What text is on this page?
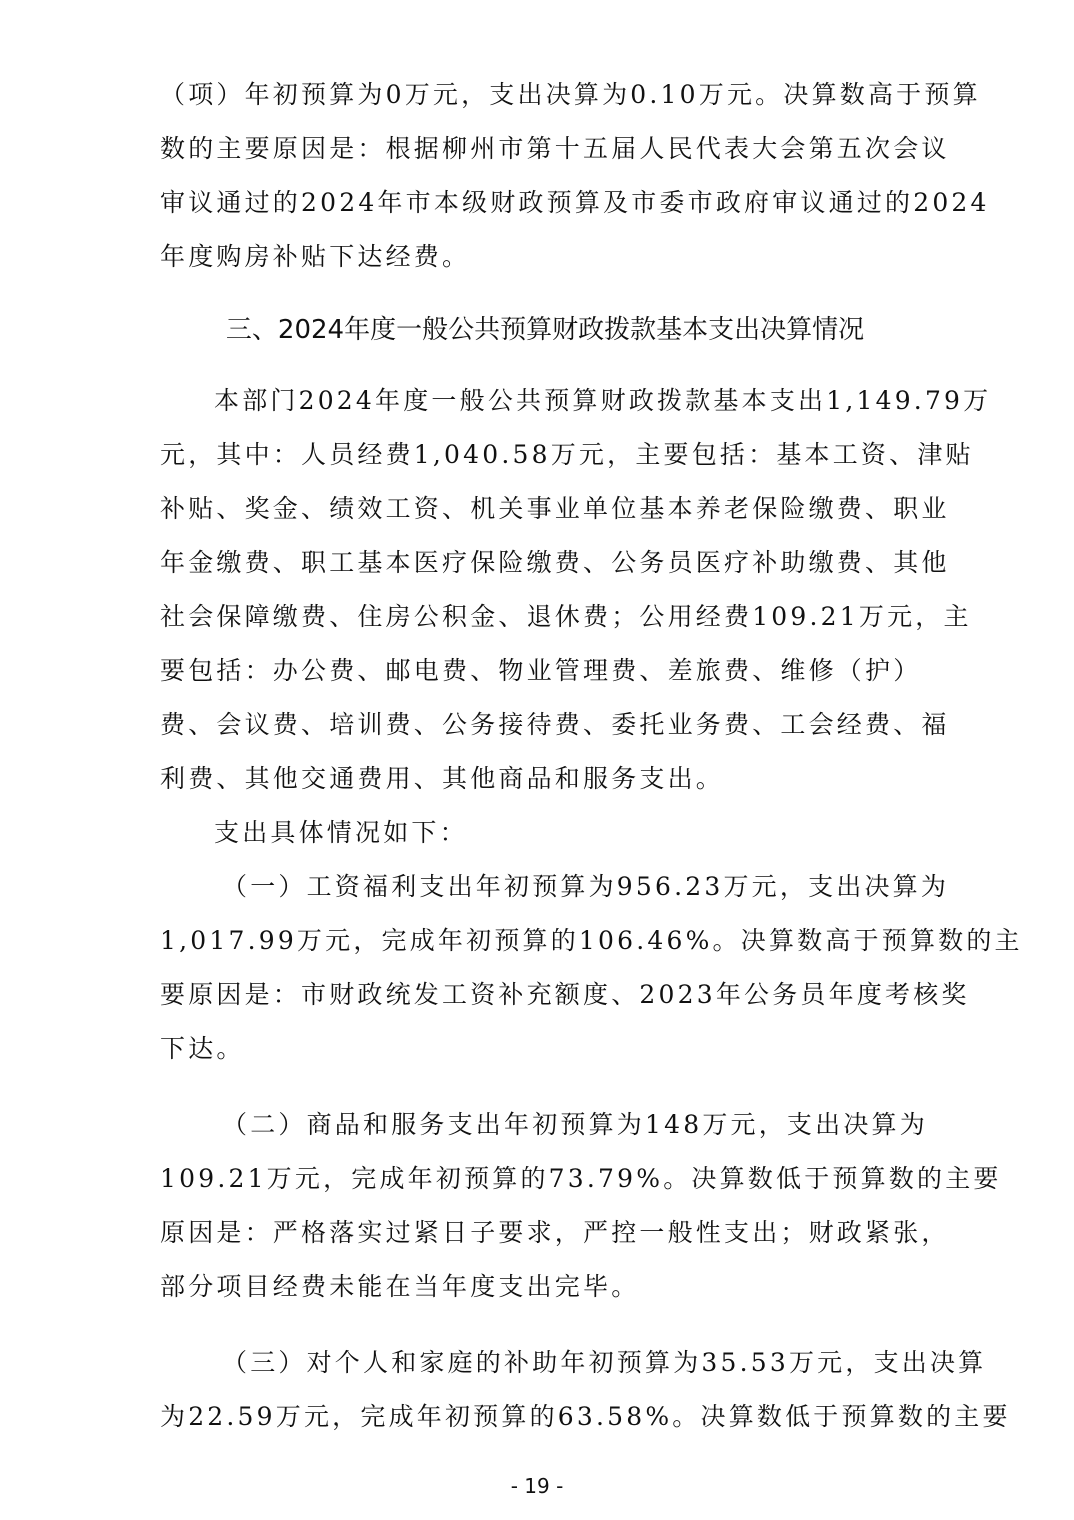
（项）年初预算为0万元，支出决算为0.10万元。决算数高于预算
数的主要原因是：根据柳州市第十五届人民代表大会第五次会议
审议通过的2024年市本级财政预算及市委市政府审议通过的2024
年度购房补贴下达经费。
三、2024年度一般公共预算财政拨款基本支出决算情况
本部门2024年度一般公共预算财政拨款基本支出1,149.79万
元，其中：人员经费1,040.58万元，主要包括：基本工资、津贴
补贴、奖金、绩效工资、机关事业单位基本养老保险缴费、职业
年金缴费、职工基本医疗保险缴费、公务员医疗补助缴费、其他
社会保障缴费、住房公积金、退休费；公用经费109.21万元，主
要包括：办公费、邮电费、物业管理费、差旅费、维修（护）
费、会议费、培训费、公务接待费、委托业务费、工会经费、福
利费、其他交通费用、其他商品和服务支出。
支出具体情况如下：
（一）工资福利支出年初预算为956.23万元，支出决算为
1,017.99万元，完成年初预算的106.46%。决算数高于预算数的主
要原因是：市财政统发工资补充额度、2023年公务员年度考核奖
下达。
（二）商品和服务支出年初预算为148万元，支出决算为
109.21万元，完成年初预算的73.79%。决算数低于预算数的主要
原因是：严格落实过紧日子要求，严控一般性支出；财政紧张，
部分项目经费未能在当年度支出完毕。
（三）对个人和家庭的补助年初预算为35.53万元，支出决算
为22.59万元，完成年初预算的63.58%。决算数低于预算数的主要
- 19 -
